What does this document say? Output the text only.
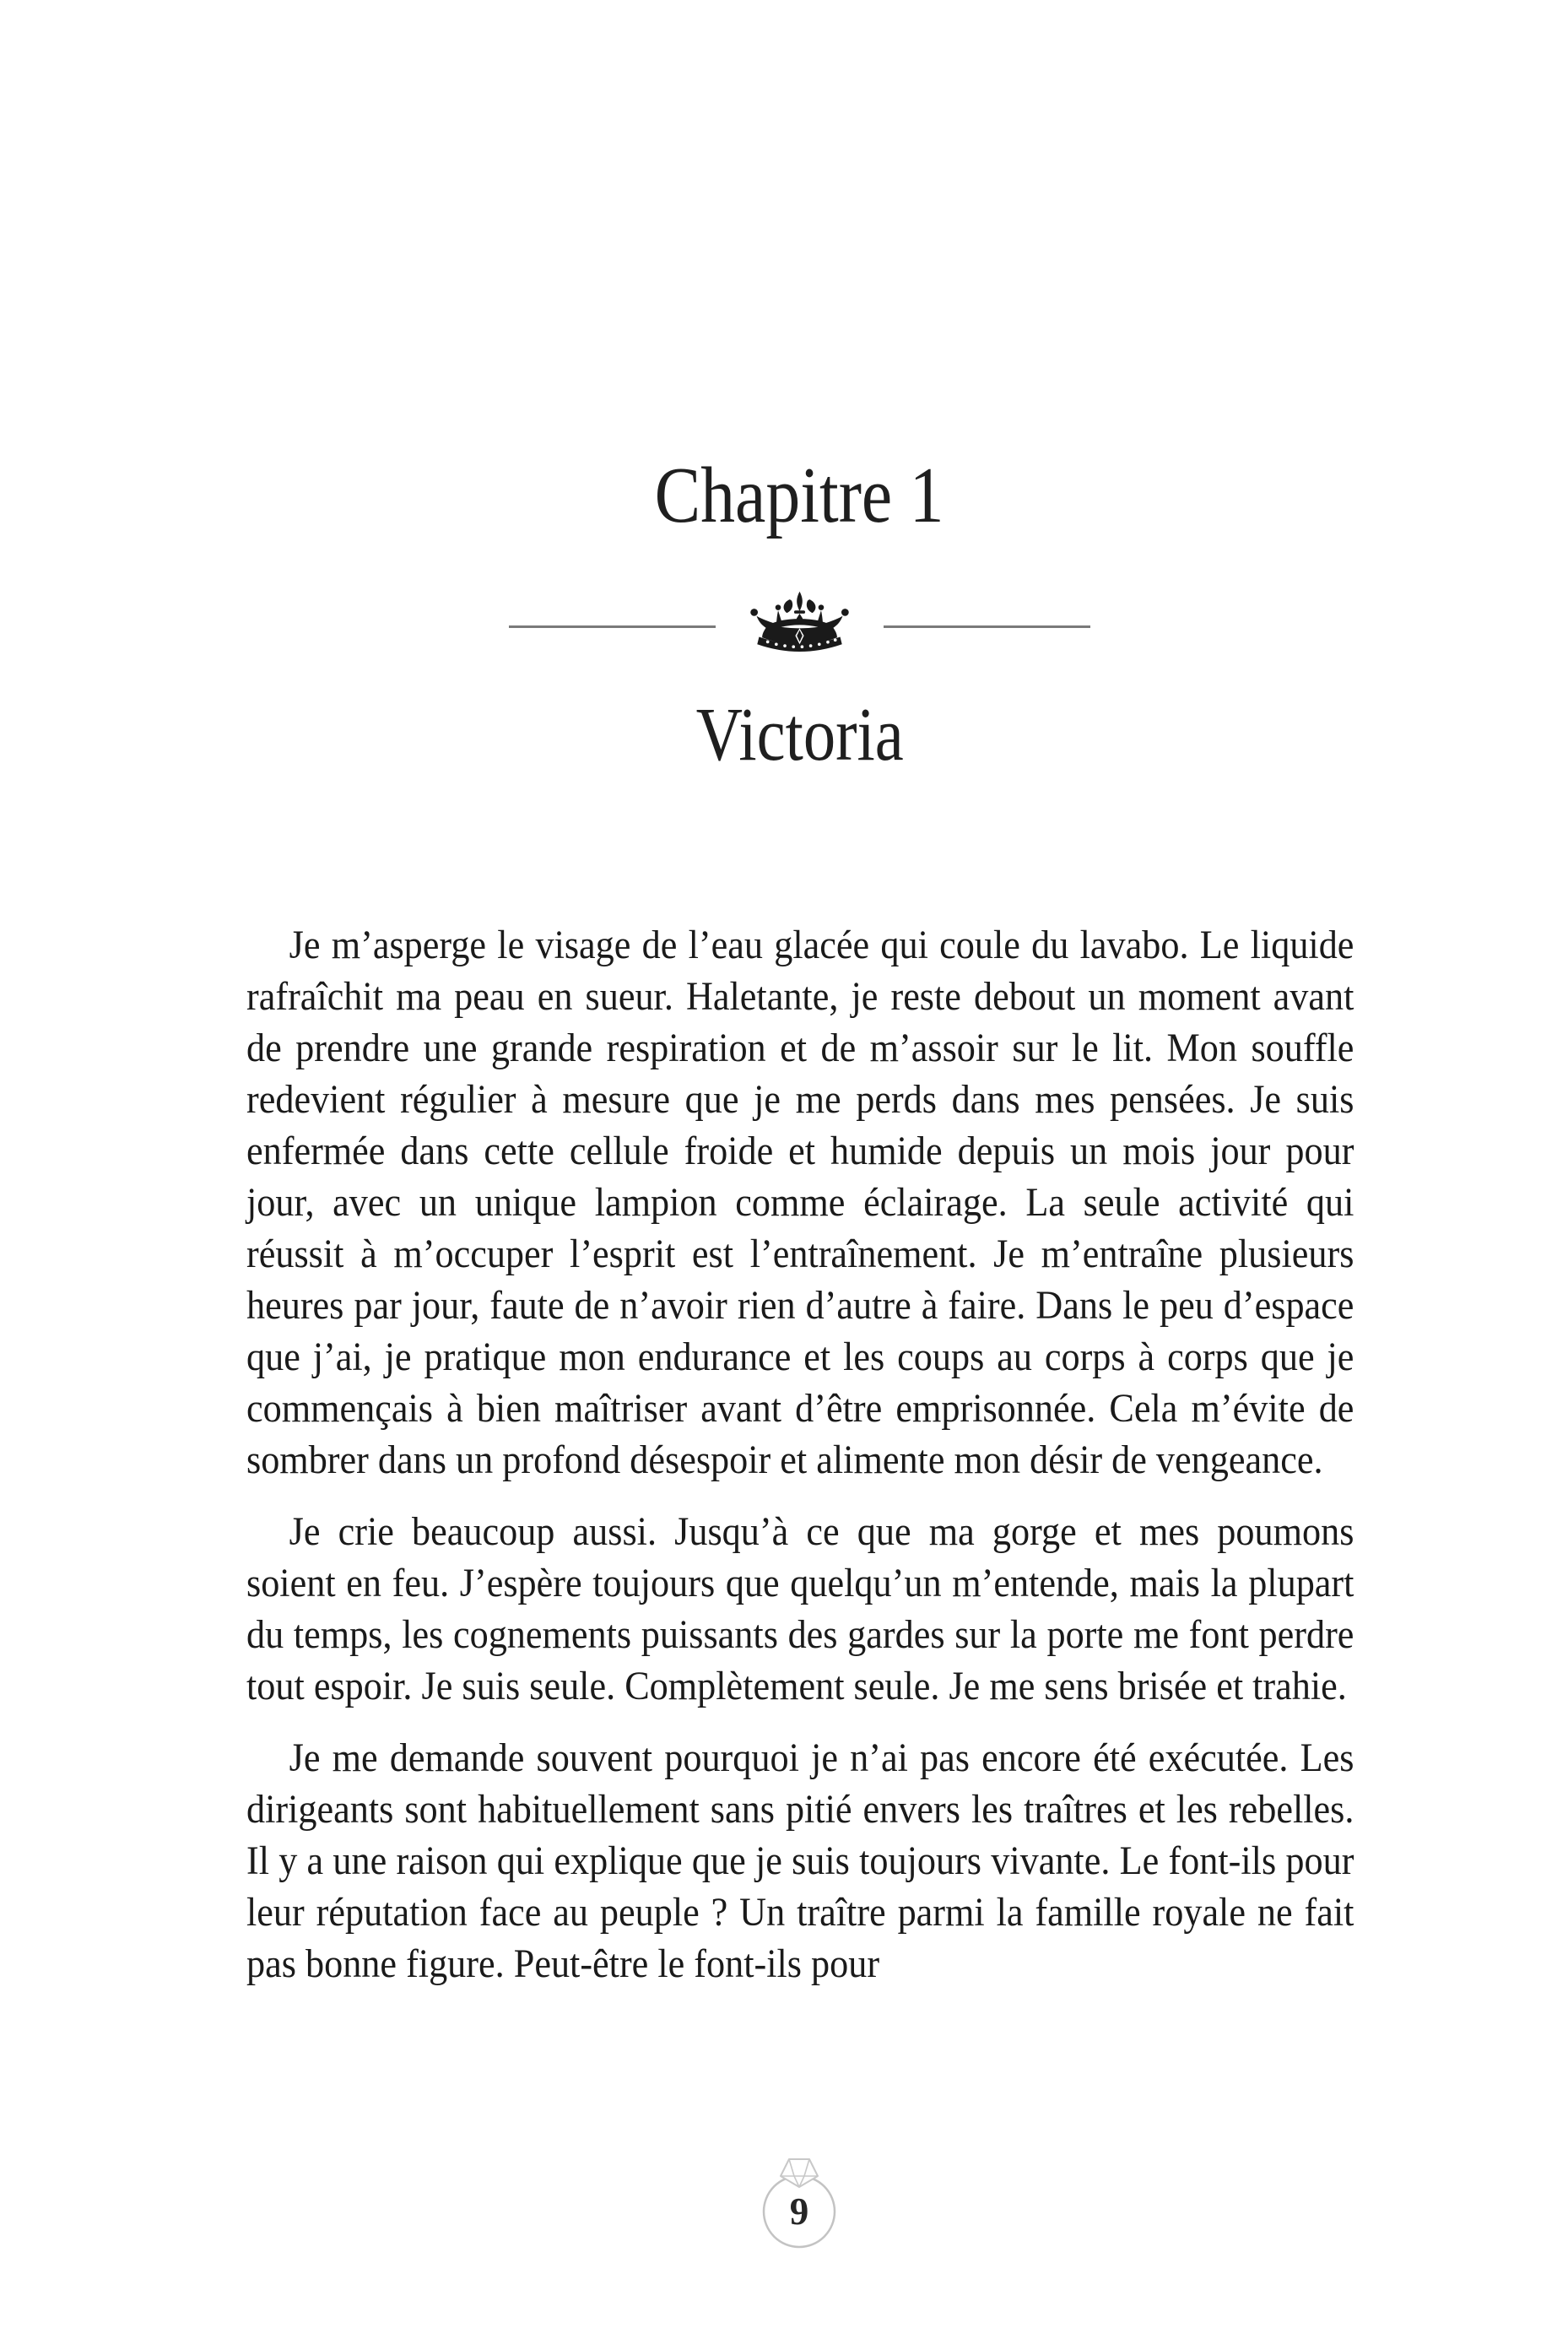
Chapitre 1
Victoria

Je m’asperge le visage de l’eau glacée qui coule du lavabo. Le liquide rafraîchit ma peau en sueur. Haletante, je reste debout un moment avant de prendre une grande respiration et de m’assoir sur le lit. Mon souffle redevient régulier à mesure que je me perds dans mes pensées. Je suis enfermée dans cette cellule froide et humide depuis un mois jour pour jour, avec un unique lampion comme éclairage. La seule activité qui réussit à m’occuper l’esprit est l’entraînement. Je m’entraîne plusieurs heures par jour, faute de n’avoir rien d’autre à faire. Dans le peu d’espace que j’ai, je pratique mon endurance et les coups au corps à corps que je commençais à bien maîtriser avant d’être emprisonnée. Cela m’évite de sombrer dans un profond désespoir et alimente mon désir de vengeance.

Je crie beaucoup aussi. Jusqu’à ce que ma gorge et mes poumons soient en feu. J’espère toujours que quelqu’un m’entende, mais la plupart du temps, les cognements puissants des gardes sur la porte me font perdre tout espoir. Je suis seule. Complètement seule. Je me sens brisée et trahie.

Je me demande souvent pourquoi je n’ai pas encore été exécutée. Les dirigeants sont habituellement sans pitié envers les traîtres et les rebelles. Il y a une raison qui explique que je suis toujours vivante. Le font-ils pour leur réputation face au peuple ? Un traître parmi la famille royale ne fait pas bonne figure. Peut-être le font-ils pour

9
